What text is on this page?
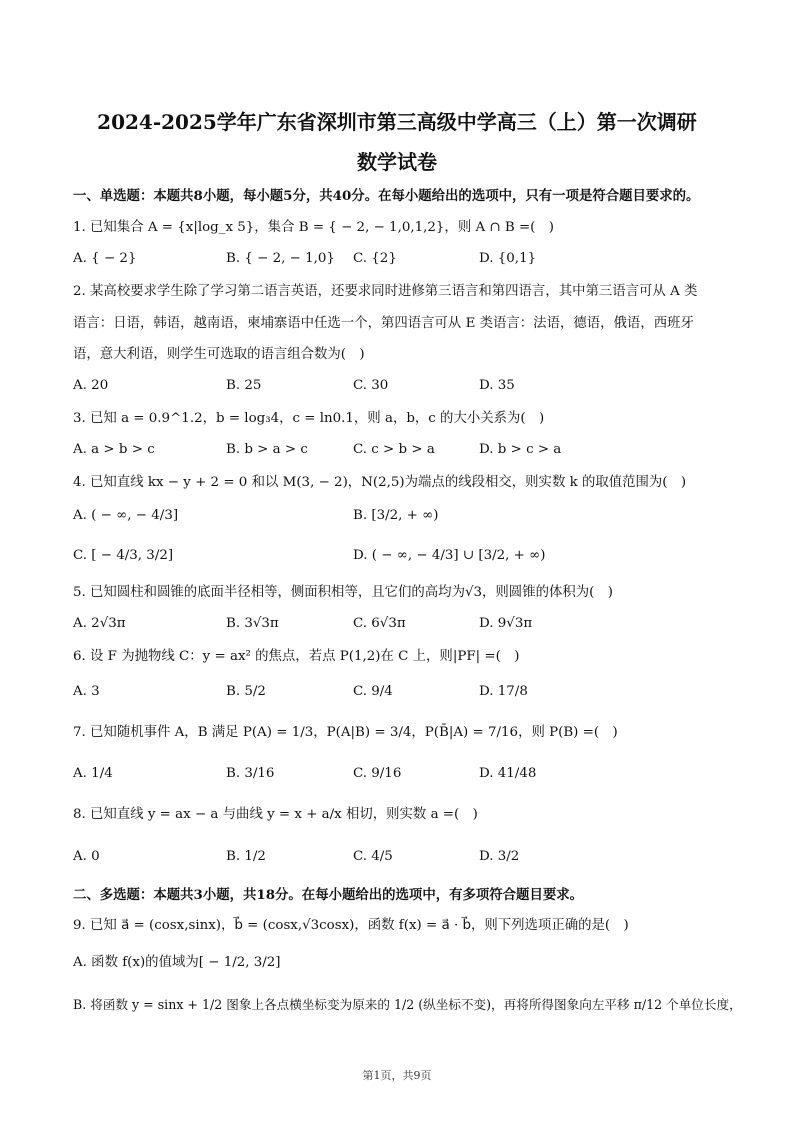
2024-2025学年广东省深圳市第三高级中学高三（上）第一次调研
数学试卷
一、单选题：本题共8小题，每小题5分，共40分。在每小题给出的选项中，只有一项是符合题目要求的。
1. 已知集合 A = {x|log_x 5}，集合 B = { − 2, − 1,0,1,2}，则 A ∩ B =(　)
A. { − 2}	B. { − 2, − 1,0} C. {2}	D. {0,1}
2. 某高校要求学生除了学习第二语言英语，还要求同时进修第三语言和第四语言，其中第三语言可从 A 类
语言：日语，韩语，越南语，柬埔寨语中任选一个，第四语言可从 E 类语言：法语，德语，俄语，西班牙
语，意大利语，则学生可选取的语言组合数为(　)
A. 20	B. 25	C. 30	D. 35
3. 已知 a = 0.9^1.2，b = log₃4，c = ln0.1，则 a，b，c 的大小关系为(　)
A. a > b > c	B. b > a > c	C. c > b > a	D. b > c > a
4. 已知直线 kx − y + 2 = 0 和以 M(3, − 2)，N(2,5)为端点的线段相交，则实数 k 的取值范围为(　)
A. ( − ∞, − 4/3]	B. [3/2, + ∞)
C. [ − 4/3, 3/2]	D. ( − ∞, − 4/3] ∪ [3/2, + ∞)
5. 已知圆柱和圆锥的底面半径相等，侧面积相等，且它们的高均为√3，则圆锥的体积为(　)
A. 2√3π	B. 3√3π	C. 6√3π	D. 9√3π
6. 设 F 为抛物线 C：y = ax² 的焦点，若点 P(1,2)在 C 上，则|PF| =(　)
A. 3	B. 5/2	C. 9/4	D. 17/8
7. 已知随机事件 A，B 满足 P(A) = 1/3，P(A|B) = 3/4，P(B̄|A) = 7/16，则 P(B) =(　)
A. 1/4	B. 3/16	C. 9/16	D. 41/48
8. 已知直线 y = ax − a 与曲线 y = x + a/x 相切，则实数 a =(　)
A. 0	B. 1/2	C. 4/5	D. 3/2
二、多选题：本题共3小题，共18分。在每小题给出的选项中，有多项符合题目要求。
9. 已知 a⃗ = (cosx,sinx)，b⃗ = (cosx,√3cosx)，函数 f(x) = a⃗ · b⃗，则下列选项正确的是(　)
A. 函数 f(x)的值域为[ − 1/2, 3/2]
B. 将函数 y = sinx + 1/2 图象上各点横坐标变为原来的 1/2 (纵坐标不变)，再将所得图象向左平移 π/12 个单位长度，
第1页，共9页
